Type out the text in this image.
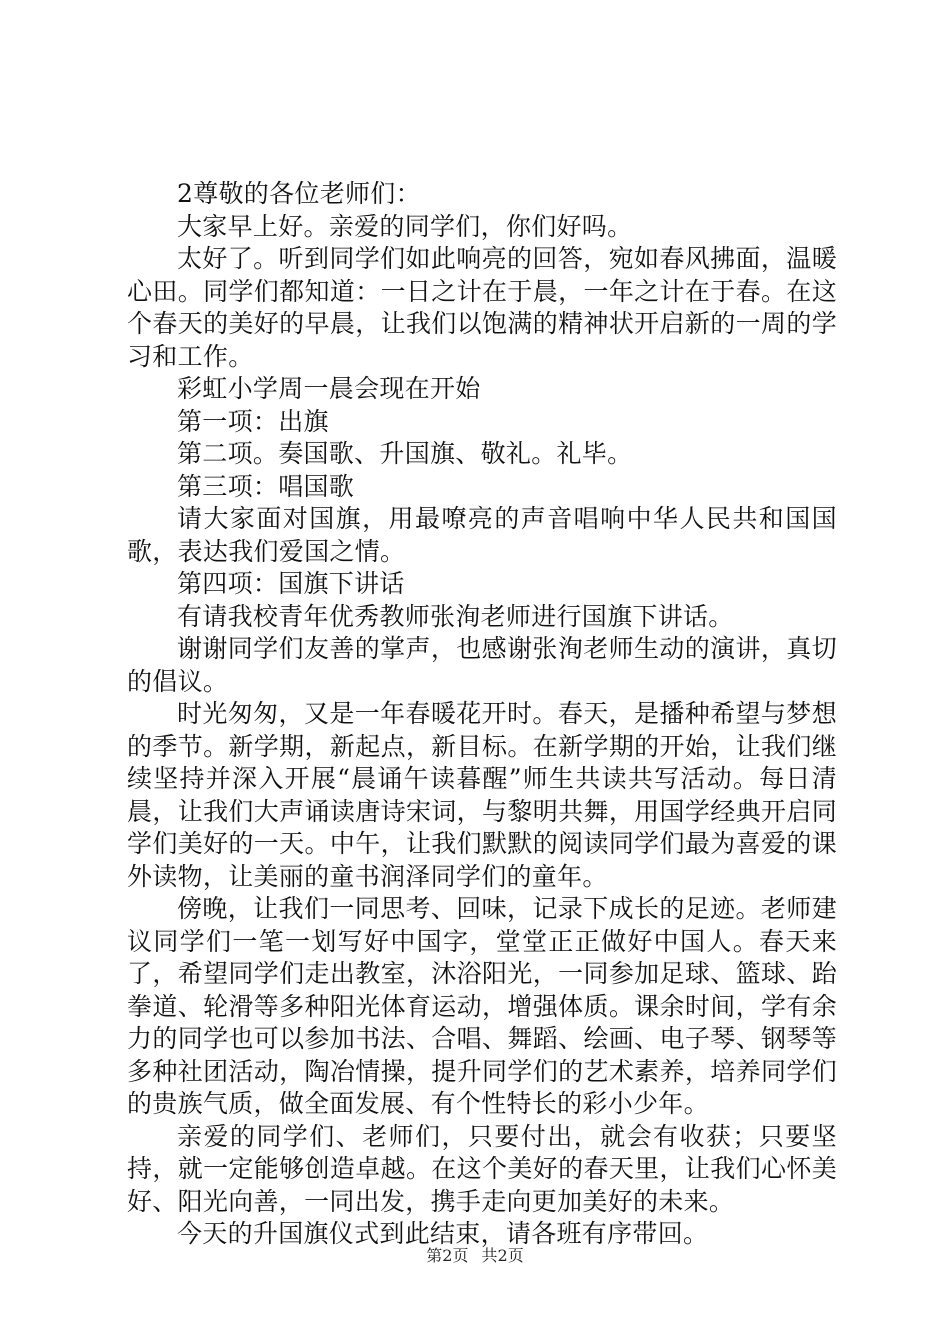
2尊敬的各位老师们：

大家早上好。亲爱的同学们，你们好吗。

太好了。听到同学们如此响亮的回答，宛如春风拂面，温暖心田。同学们都知道：一日之计在于晨，一年之计在于春。在这个春天的美好的早晨，让我们以饱满的精神状开启新的一周的学习和工作。

彩虹小学周一晨会现在开始

第一项：出旗

第二项。奏国歌、升国旗、敬礼。礼毕。

第三项：唱国歌

请大家面对国旗，用最嘹亮的声音唱响中华人民共和国国歌，表达我们爱国之情。

第四项：国旗下讲话

有请我校青年优秀教师张洵老师进行国旗下讲话。

谢谢同学们友善的掌声，也感谢张洵老师生动的演讲，真切的倡议。

时光匆匆，又是一年春暖花开时。春天，是播种希望与梦想的季节。新学期，新起点，新目标。在新学期的开始，让我们继续坚持并深入开展“晨诵午读暮醒”师生共读共写活动。每日清晨，让我们大声诵读唐诗宋词，与黎明共舞，用国学经典开启同学们美好的一天。中午，让我们默默的阅读同学们最为喜爱的课外读物，让美丽的童书润泽同学们的童年。

傍晚，让我们一同思考、回味，记录下成长的足迹。老师建议同学们一笔一划写好中国字，堂堂正正做好中国人。春天来了，希望同学们走出教室，沐浴阳光，一同参加足球、篮球、跆拳道、轮滑等多种阳光体育运动，增强体质。课余时间，学有余力的同学也可以参加书法、合唱、舞蹈、绘画、电子琴、钢琴等多种社团活动，陶冶情操，提升同学们的艺术素养，培养同学们的贵族气质，做全面发展、有个性特长的彩小少年。

亲爱的同学们、老师们，只要付出，就会有收获；只要坚持，就一定能够创造卓越。在这个美好的春天里，让我们心怀美好、阳光向善，一同出发，携手走向更加美好的未来。

今天的升国旗仪式到此结束，请各班有序带回。

第2页 共2页
